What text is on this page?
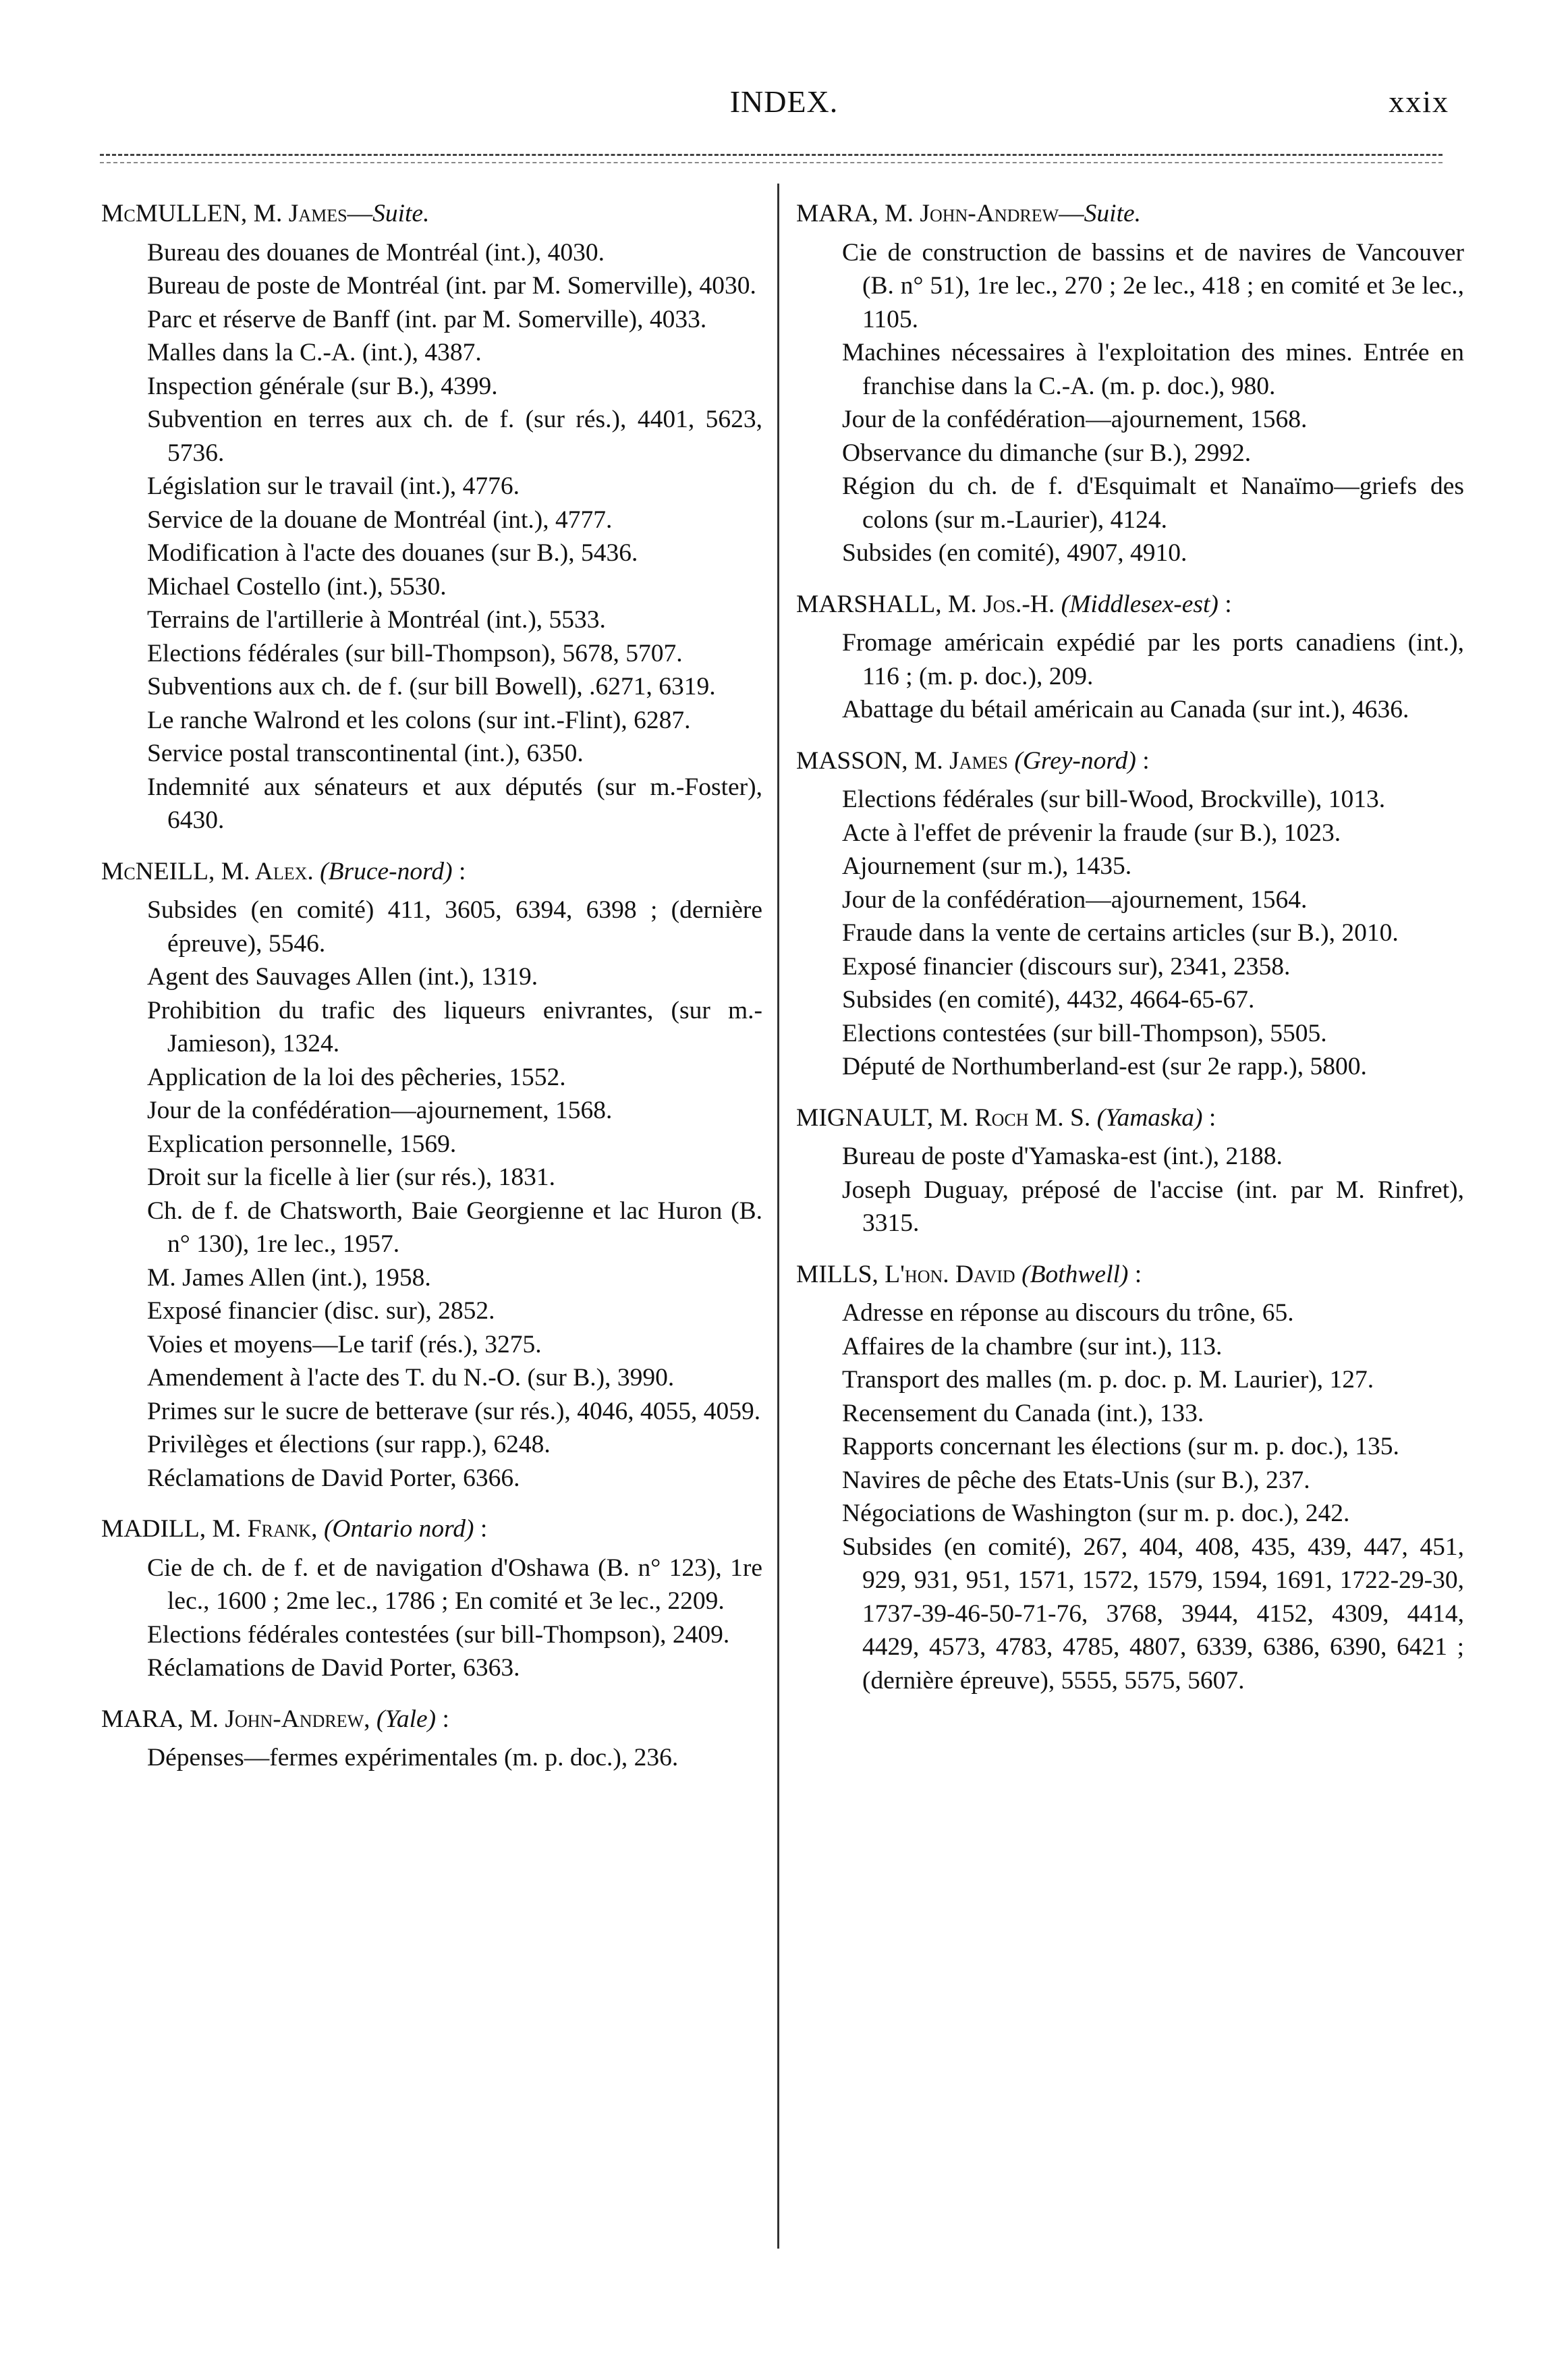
INDEX.	xxix
McMULLEN, M. James—Suite.
Bureau des douanes de Montréal (int.), 4030.
Bureau de poste de Montréal (int. par M. Somerville), 4030.
Parc et réserve de Banff (int. par M. Somerville), 4033.
Malles dans la C.-A. (int.), 4387.
Inspection générale (sur B.), 4399.
Subvention en terres aux ch. de f. (sur rés.), 4401, 5623, 5736.
Législation sur le travail (int.), 4776.
Service de la douane de Montréal (int.), 4777.
Modification à l'acte des douanes (sur B.), 5436.
Michael Costello (int.), 5530.
Terrains de l'artillerie à Montréal (int.), 5533.
Elections fédérales (sur bill-Thompson), 5678, 5707.
Subventions aux ch. de f. (sur bill Bowell), .6271, 6319.
Le ranche Walrond et les colons (sur int.-Flint), 6287.
Service postal transcontinental (int.), 6350.
Indemnité aux sénateurs et aux députés (sur m.-Foster), 6430.
McNEILL, M. Alex. (Bruce-nord) :
Subsides (en comité) 411, 3605, 6394, 6398 ; (dernière épreuve), 5546.
Agent des Sauvages Allen (int.), 1319.
Prohibition du trafic des liqueurs enivrantes, (sur m.-Jamieson), 1324.
Application de la loi des pêcheries, 1552.
Jour de la confédération—ajournement, 1568.
Explication personnelle, 1569.
Droit sur la ficelle à lier (sur rés.), 1831.
Ch. de f. de Chatsworth, Baie Georgienne et lac Huron (B. n° 130), 1re lec., 1957.
M. James Allen (int.), 1958.
Exposé financier (disc. sur), 2852.
Voies et moyens—Le tarif (rés.), 3275.
Amendement à l'acte des T. du N.-O. (sur B.), 3990.
Primes sur le sucre de betterave (sur rés.), 4046, 4055, 4059.
Privilèges et élections (sur rapp.), 6248.
Réclamations de David Porter, 6366.
MADILL, M. Frank, (Ontario nord) :
Cie de ch. de f. et de navigation d'Oshawa (B. n° 123), 1re lec., 1600 ; 2me lec., 1786 ; En comité et 3e lec., 2209.
Elections fédérales contestées (sur bill-Thompson), 2409.
Réclamations de David Porter, 6363.
MARA, M. John-Andrew, (Yale) :
Dépenses—fermes expérimentales (m. p. doc.), 236.
MARA, M. John-Andrew—Suite.
Cie de construction de bassins et de navires de Vancouver (B. n° 51), 1re lec., 270 ; 2e lec., 418 ; en comité et 3e lec., 1105.
Machines nécessaires à l'exploitation des mines. Entrée en franchise dans la C.-A. (m. p. doc.), 980.
Jour de la confédération—ajournement, 1568.
Observance du dimanche (sur B.), 2992.
Région du ch. de f. d'Esquimalt et Nanaïmo—griefs des colons (sur m.-Laurier), 4124.
Subsides (en comité), 4907, 4910.
MARSHALL, M. Jos.-H. (Middlesex-est) :
Fromage américain expédié par les ports canadiens (int.), 116 ; (m. p. doc.), 209.
Abattage du bétail américain au Canada (sur int.), 4636.
MASSON, M. James (Grey-nord) :
Elections fédérales (sur bill-Wood, Brockville), 1013.
Acte à l'effet de prévenir la fraude (sur B.), 1023.
Ajournement (sur m.), 1435.
Jour de la confédération—ajournement, 1564.
Fraude dans la vente de certains articles (sur B.), 2010.
Exposé financier (discours sur), 2341, 2358.
Subsides (en comité), 4432, 4664-65-67.
Elections contestées (sur bill-Thompson), 5505.
Député de Northumberland-est (sur 2e rapp.), 5800.
MIGNAULT, M. Roch M. S. (Yamaska) :
Bureau de poste d'Yamaska-est (int.), 2188.
Joseph Duguay, préposé de l'accise (int. par M. Rinfret), 3315.
MILLS, L'hon. David (Bothwell) :
Adresse en réponse au discours du trône, 65.
Affaires de la chambre (sur int.), 113.
Transport des malles (m. p. doc. p. M. Laurier), 127.
Recensement du Canada (int.), 133.
Rapports concernant les élections (sur m. p. doc.), 135.
Navires de pêche des Etats-Unis (sur B.), 237.
Négociations de Washington (sur m. p. doc.), 242.
Subsides (en comité), 267, 404, 408, 435, 439, 447, 451, 929, 931, 951, 1571, 1572, 1579, 1594, 1691, 1722-29-30, 1737-39-46-50-71-76, 3768, 3944, 4152, 4309, 4414, 4429, 4573, 4783, 4785, 4807, 6339, 6386, 6390, 6421 ; (dernière épreuve), 5555, 5575, 5607.
